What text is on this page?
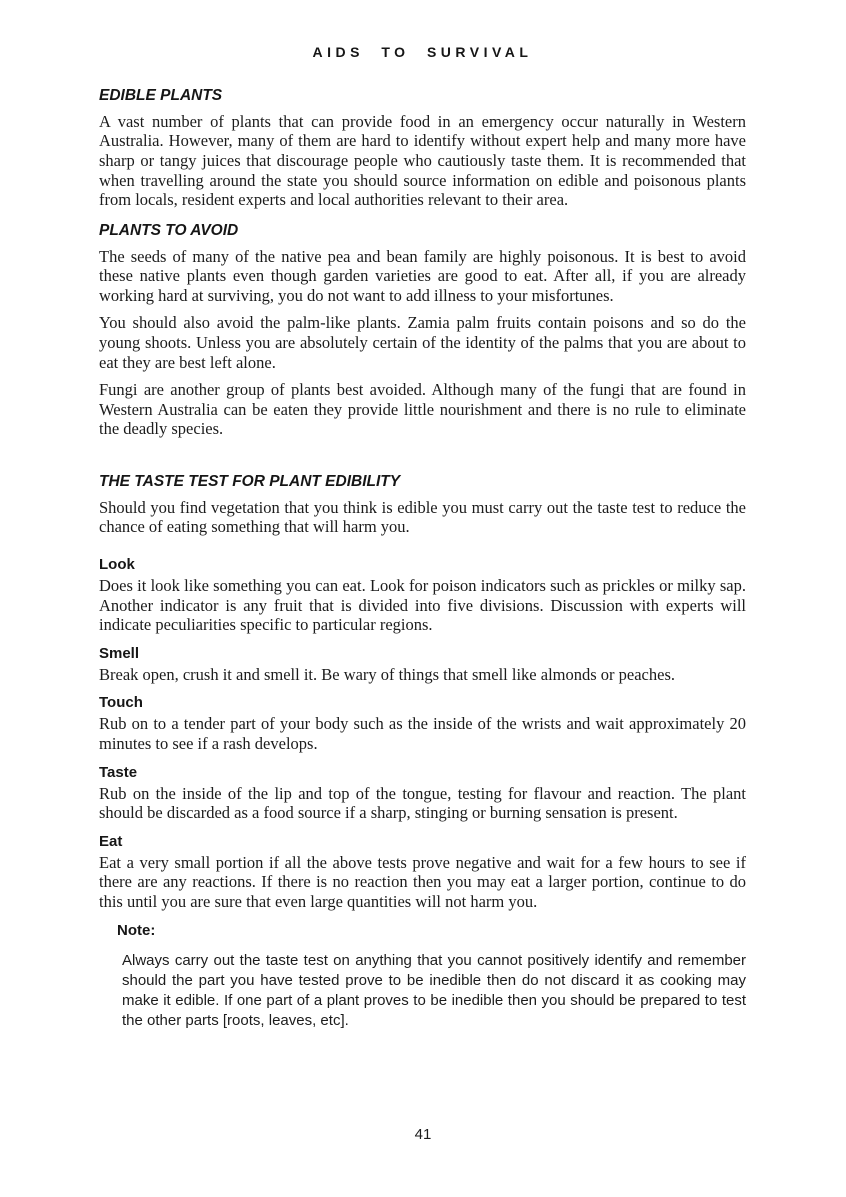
AIDS TO SURVIVAL
EDIBLE PLANTS

A vast number of plants that can provide food in an emergency occur naturally in Western Australia. However, many of them are hard to identify without expert help and many more have sharp or tangy juices that discourage people who cautiously taste them. It is recommended that when travelling around the state you should source information on edible and poisonous plants from locals, resident experts and local authorities relevant to their area.

PLANTS TO AVOID

The seeds of many of the native pea and bean family are highly poisonous. It is best to avoid these native plants even though garden varieties are good to eat. After all, if you are already working hard at surviving, you do not want to add illness to your misfortunes.

You should also avoid the palm-like plants. Zamia palm fruits contain poisons and so do the young shoots. Unless you are absolutely certain of the identity of the palms that you are about to eat they are best left alone.

Fungi are another group of plants best avoided. Although many of the fungi that are found in Western Australia can be eaten they provide little nourishment and there is no rule to eliminate the deadly species.

THE TASTE TEST FOR PLANT EDIBILITY

Should you find vegetation that you think is edible you must carry out the taste test to reduce the chance of eating something that will harm you.

Look

Does it look like something you can eat. Look for poison indicators such as prickles or milky sap. Another indicator is any fruit that is divided into five divisions. Discussion with experts will indicate peculiarities specific to particular regions.

Smell

Break open, crush it and smell it. Be wary of things that smell like almonds or peaches.

Touch

Rub on to a tender part of your body such as the inside of the wrists and wait approximately 20 minutes to see if a rash develops.

Taste

Rub on the inside of the lip and top of the tongue, testing for flavour and reaction. The plant should be discarded as a food source if a sharp, stinging or burning sensation is present.

Eat

Eat a very small portion if all the above tests prove negative and wait for a few hours to see if there are any reactions. If there is no reaction then you may eat a larger portion, continue to do this until you are sure that even large quantities will not harm you.

Note:

Always carry out the taste test on anything that you cannot positively identify and remember should the part you have tested prove to be inedible then do not discard it as cooking may make it edible. If one part of a plant proves to be inedible then you should be prepared to test the other parts [roots, leaves, etc].

41
